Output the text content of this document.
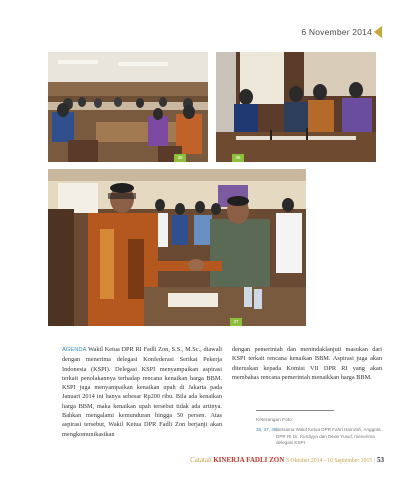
6 November 2014
35	36
37
AGENDA Wakil Ketua DPR RI Fadli Zon, S.S., M.Sc., diawali dengan menerima delegasi Konfederasi Serikat Pekerja Indonesia (KSPI). Delegasi KSPI menyampaikan aspirasi terkait penolakannya terhadap rencana kenaikan harga BBM. KSPI juga menyampaikan kenaikan upah di Jakarta pada Januari 2014 ini hanya sebesar Rp200 ribu. Bila ada kenaikan harga BBM, maka kenaikan upah tersebut tidak ada artinya. Bahkan mengalami kemunduran hingga 50 persen. Atas aspirasi tersebut, Wakil Ketua DPR Fadli Zon berjanji akan mengkomunikasikan
dengan pemerintah dan menindaklanjuti masukan dari KSPI terkait rencana kenaikan BBM. Aspirasi juga akan diteruskan kepada Komisi VII DPR RI yang akan membahas rencana pemerintah menaikkan harga BBM.
Keterangan Foto:
35, 37, 38 Bersama Wakil Ketua DPR Fahri Hamzah, Anggota DPR RI Dr. Kurdiyya dan Dede Yusuf, menerima delegasi KSPI.
Catatan KINERJA FADLI ZON 3 Oktober 2014 - 10 September 2015 | 53
